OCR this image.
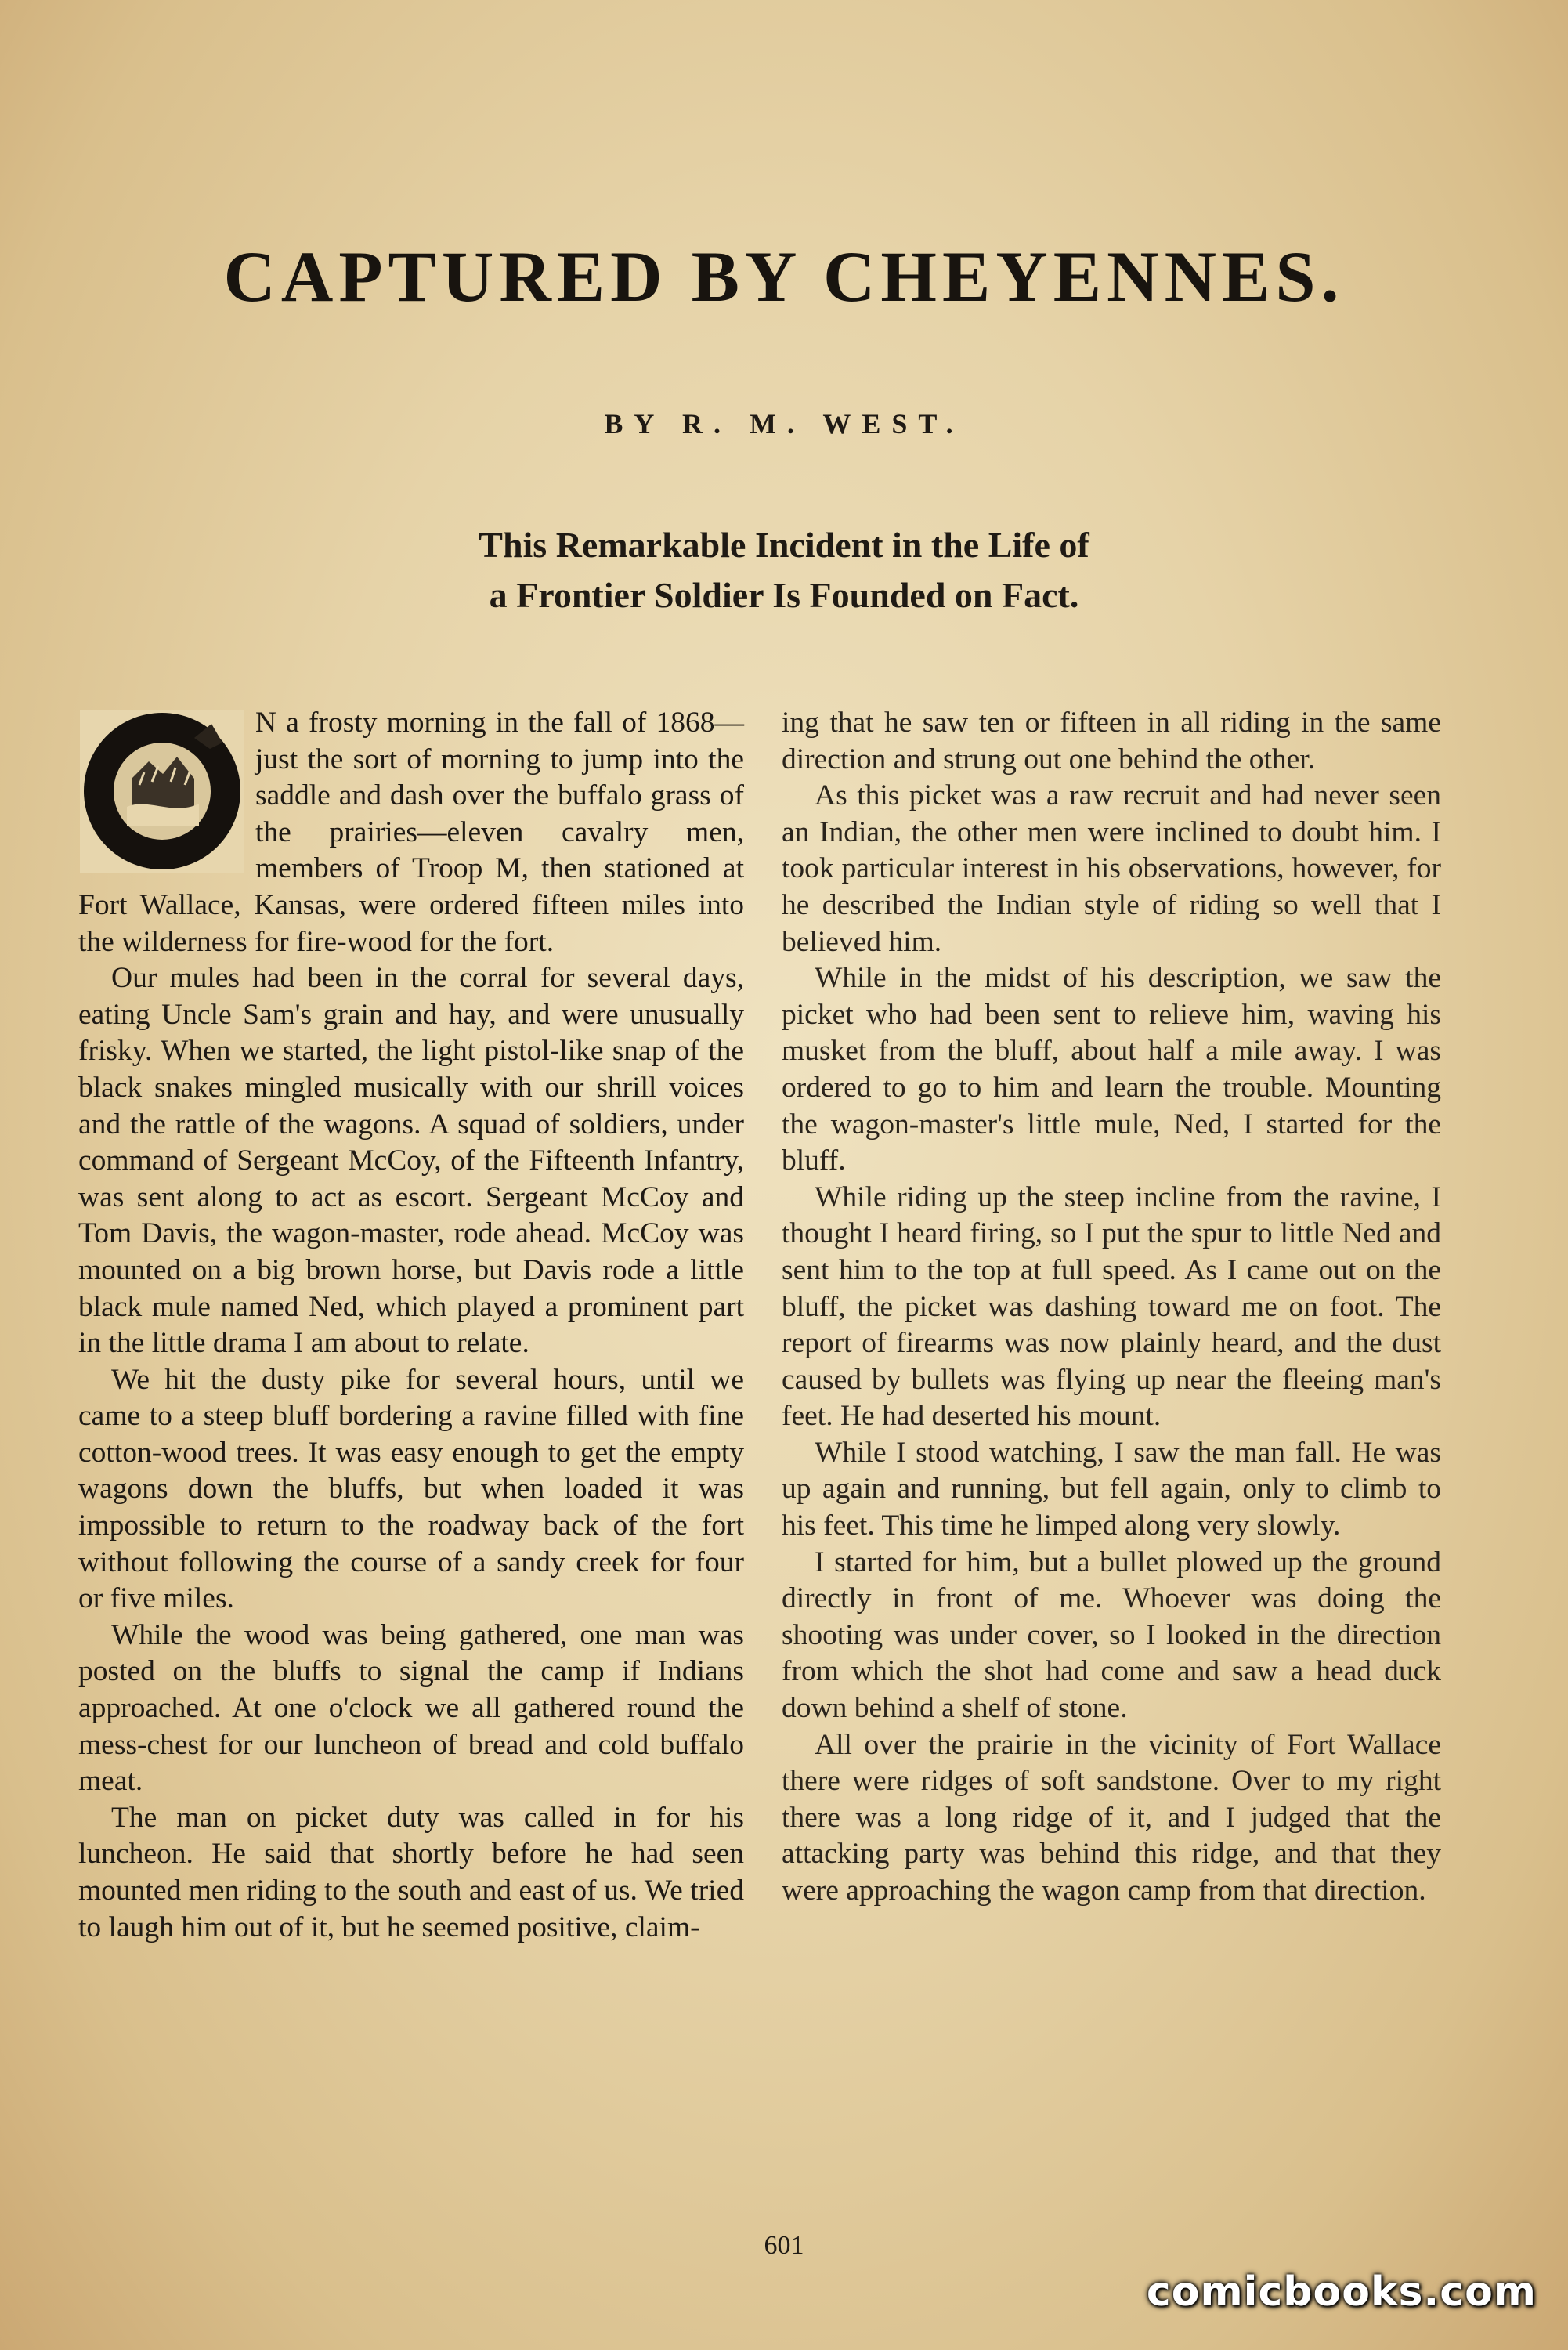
CAPTURED BY CHEYENNES.
BY R. M. WEST.
This Remarkable Incident in the Life of
a Frontier Soldier Is Founded on Fact.

N a frosty morning in the fall of 1868—just the sort of morning to jump into the saddle and dash over the buffalo grass of the prairies—eleven cavalry men, members of Troop M, then stationed at Fort Wallace, Kansas, were ordered fifteen miles into the wilderness for fire-wood for the fort.

Our mules had been in the corral for several days, eating Uncle Sam's grain and hay, and were unusually frisky. When we started, the light pistol-like snap of the black snakes mingled musically with our shrill voices and the rattle of the wagons. A squad of soldiers, under command of Sergeant McCoy, of the Fifteenth Infantry, was sent along to act as escort. Sergeant McCoy and Tom Davis, the wagon-master, rode ahead. McCoy was mounted on a big brown horse, but Davis rode a little black mule named Ned, which played a prominent part in the little drama I am about to relate.

We hit the dusty pike for several hours, until we came to a steep bluff bordering a ravine filled with fine cotton-wood trees. It was easy enough to get the empty wagons down the bluffs, but when loaded it was impossible to return to the roadway back of the fort without following the course of a sandy creek for four or five miles.

While the wood was being gathered, one man was posted on the bluffs to signal the camp if Indians approached. At one o'clock we all gathered round the mess-chest for our luncheon of bread and cold buffalo meat.

The man on picket duty was called in for his luncheon. He said that shortly before he had seen mounted men riding to the south and east of us. We tried to laugh him out of it, but he seemed positive, claim-

ing that he saw ten or fifteen in all riding in the same direction and strung out one behind the other.

As this picket was a raw recruit and had never seen an Indian, the other men were inclined to doubt him. I took particular interest in his observations, however, for he described the Indian style of riding so well that I believed him.

While in the midst of his description, we saw the picket who had been sent to relieve him, waving his musket from the bluff, about half a mile away. I was ordered to go to him and learn the trouble. Mounting the wagon-master's little mule, Ned, I started for the bluff.

While riding up the steep incline from the ravine, I thought I heard firing, so I put the spur to little Ned and sent him to the top at full speed. As I came out on the bluff, the picket was dashing toward me on foot. The report of firearms was now plainly heard, and the dust caused by bullets was flying up near the fleeing man's feet. He had deserted his mount.

While I stood watching, I saw the man fall. He was up again and running, but fell again, only to climb to his feet. This time he limped along very slowly.

I started for him, but a bullet plowed up the ground directly in front of me. Whoever was doing the shooting was under cover, so I looked in the direction from which the shot had come and saw a head duck down behind a shelf of stone.

All over the prairie in the vicinity of Fort Wallace there were ridges of soft sandstone. Over to my right there was a long ridge of it, and I judged that the attacking party was behind this ridge, and that they were approaching the wagon camp from that direction.

601
comicbooks.com
